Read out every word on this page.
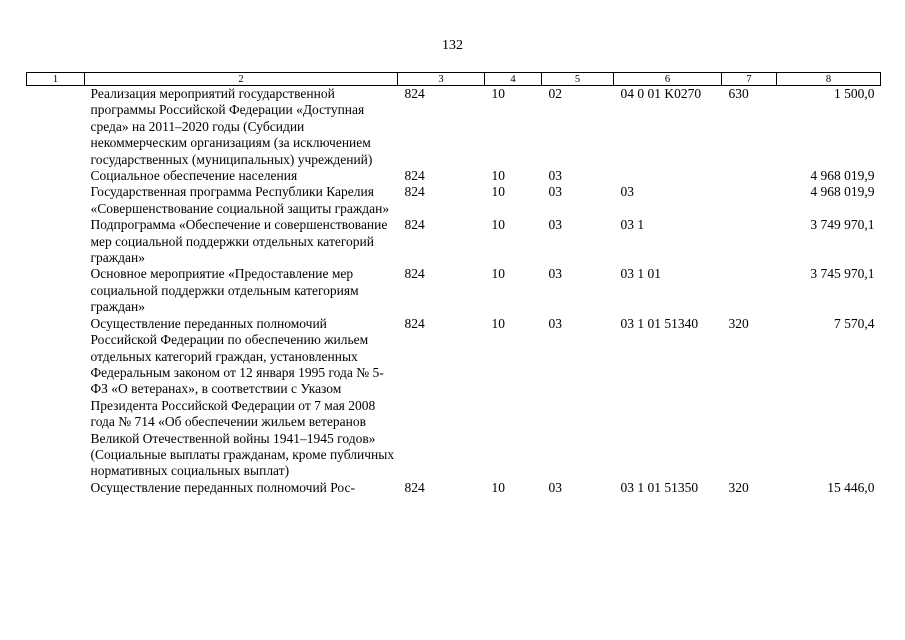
132
1	2	3	4	5	6	7	8
	Реализация мероприятий государственной программы Российской Федерации «Доступная среда» на 2011–2020 годы (Субсидии некоммерческим организациям (за исключением государственных (муниципальных) учреждений)	824	10	02	04 0 01 K0270	630	1 500,0
	Социальное обеспечение населения	824	10	03			4 968 019,9
	Государственная программа Республики Карелия «Совершенствование социальной защиты граждан»	824	10	03	03		4 968 019,9
	Подпрограмма «Обеспечение и совершенствование мер социальной поддержки отдельных категорий граждан»	824	10	03	03 1		3 749 970,1
	Основное мероприятие «Предоставление мер социальной поддержки отдельным категориям граждан»	824	10	03	03 1 01		3 745 970,1
	Осуществление переданных полномочий Российской Федерации по обеспечению жильем отдельных категорий граждан, установленных Федеральным законом от 12 января 1995 года № 5-ФЗ «О ветеранах», в соответствии с Указом Президента Российской Федерации от 7 мая 2008 года № 714 «Об обеспечении жильем ветеранов Великой Отечественной войны 1941–1945 годов» (Социальные выплаты гражданам, кроме публичных нормативных социальных выплат)	824	10	03	03 1 01 51340	320	7 570,4
	Осуществление переданных полномочий Рос-	824	10	03	03 1 01 51350	320	15 446,0
